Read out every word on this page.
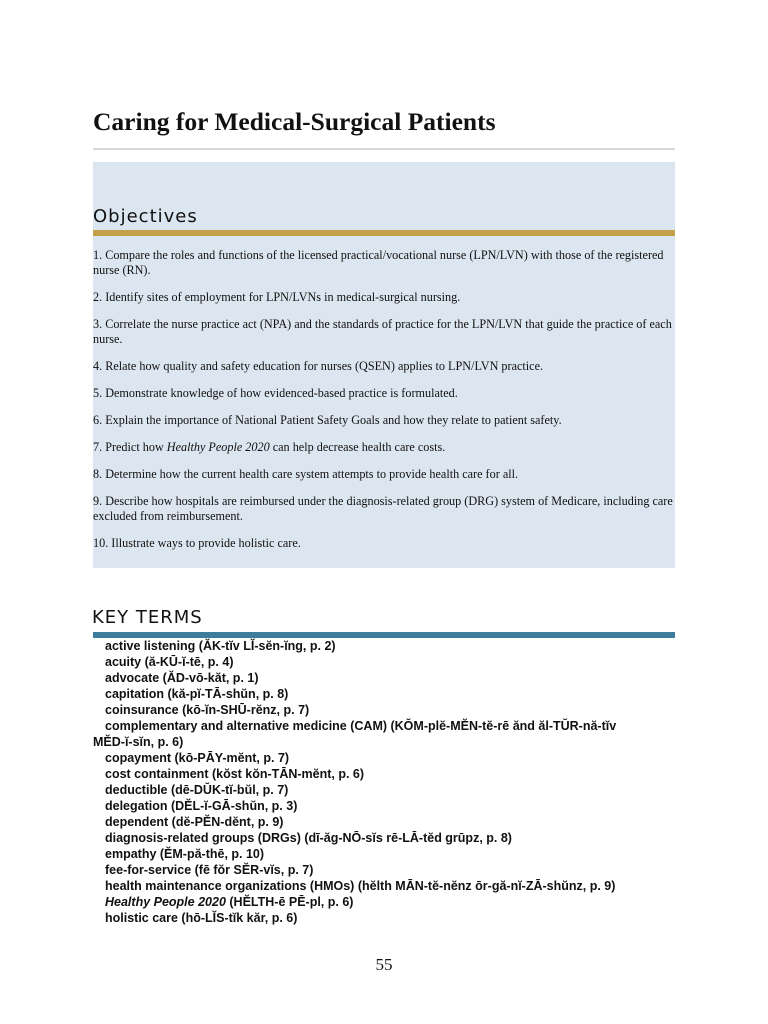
Caring for Medical-Surgical Patients
Objectives

1. Compare the roles and functions of the licensed practical/vocational nurse (LPN/LVN) with those of the registered nurse (RN).

2. Identify sites of employment for LPN/LVNs in medical-surgical nursing.

3. Correlate the nurse practice act (NPA) and the standards of practice for the LPN/LVN that guide the practice of each nurse.

4. Relate how quality and safety education for nurses (QSEN) applies to LPN/LVN practice.

5. Demonstrate knowledge of how evidenced-based practice is formulated.

6. Explain the importance of National Patient Safety Goals and how they relate to patient safety.

7. Predict how Healthy People 2020 can help decrease health care costs.

8. Determine how the current health care system attempts to provide health care for all.

9. Describe how hospitals are reimbursed under the diagnosis-related group (DRG) system of Medicare, including care excluded from reimbursement.

10. Illustrate ways to provide holistic care.

KEY TERMS
active listening (ĂK-tĭv LĬ-sĕn-ĭng, p. 2)
acuity (ă-KŪ-ĭ-tē, p. 4)
advocate (ĂD-vō-kăt, p. 1)
capitation (kă-pĭ-TĀ-shŭn, p. 8)
coinsurance (kō-ĭn-SHŪ-rĕnz, p. 7)
complementary and alternative medicine (CAM) (KŎM-plĕ-MĔN-tĕ-rē ănd ăl-TŬR-nă-tĭv
MĔD-ĭ-sĭn, p. 6)
copayment (kō-PĀY-mĕnt, p. 7)
cost containment (kŏst kŏn-TĀN-mĕnt, p. 6)
deductible (dē-DŬK-tĭ-bŭl, p. 7)
delegation (DĔL-ĭ-GĀ-shŭn, p. 3)
dependent (dĕ-PĔN-dĕnt, p. 9)
diagnosis-related groups (DRGs) (dī-ăg-NŌ-sĭs rē-LĀ-tĕd grūpz, p. 8)
empathy (ĔM-pă-thē, p. 10)
fee-for-service (fē fŏr SĔR-vĭs, p. 7)
health maintenance organizations (HMOs) (hĕlth MĀN-tĕ-nĕnz ōr-gă-nĭ-ZĀ-shŭnz, p. 9)
Healthy People 2020 (HĔLTH-ē PĒ-pl, p. 6)
holistic care (hō-LĬS-tĭk kăr, p. 6)
55
